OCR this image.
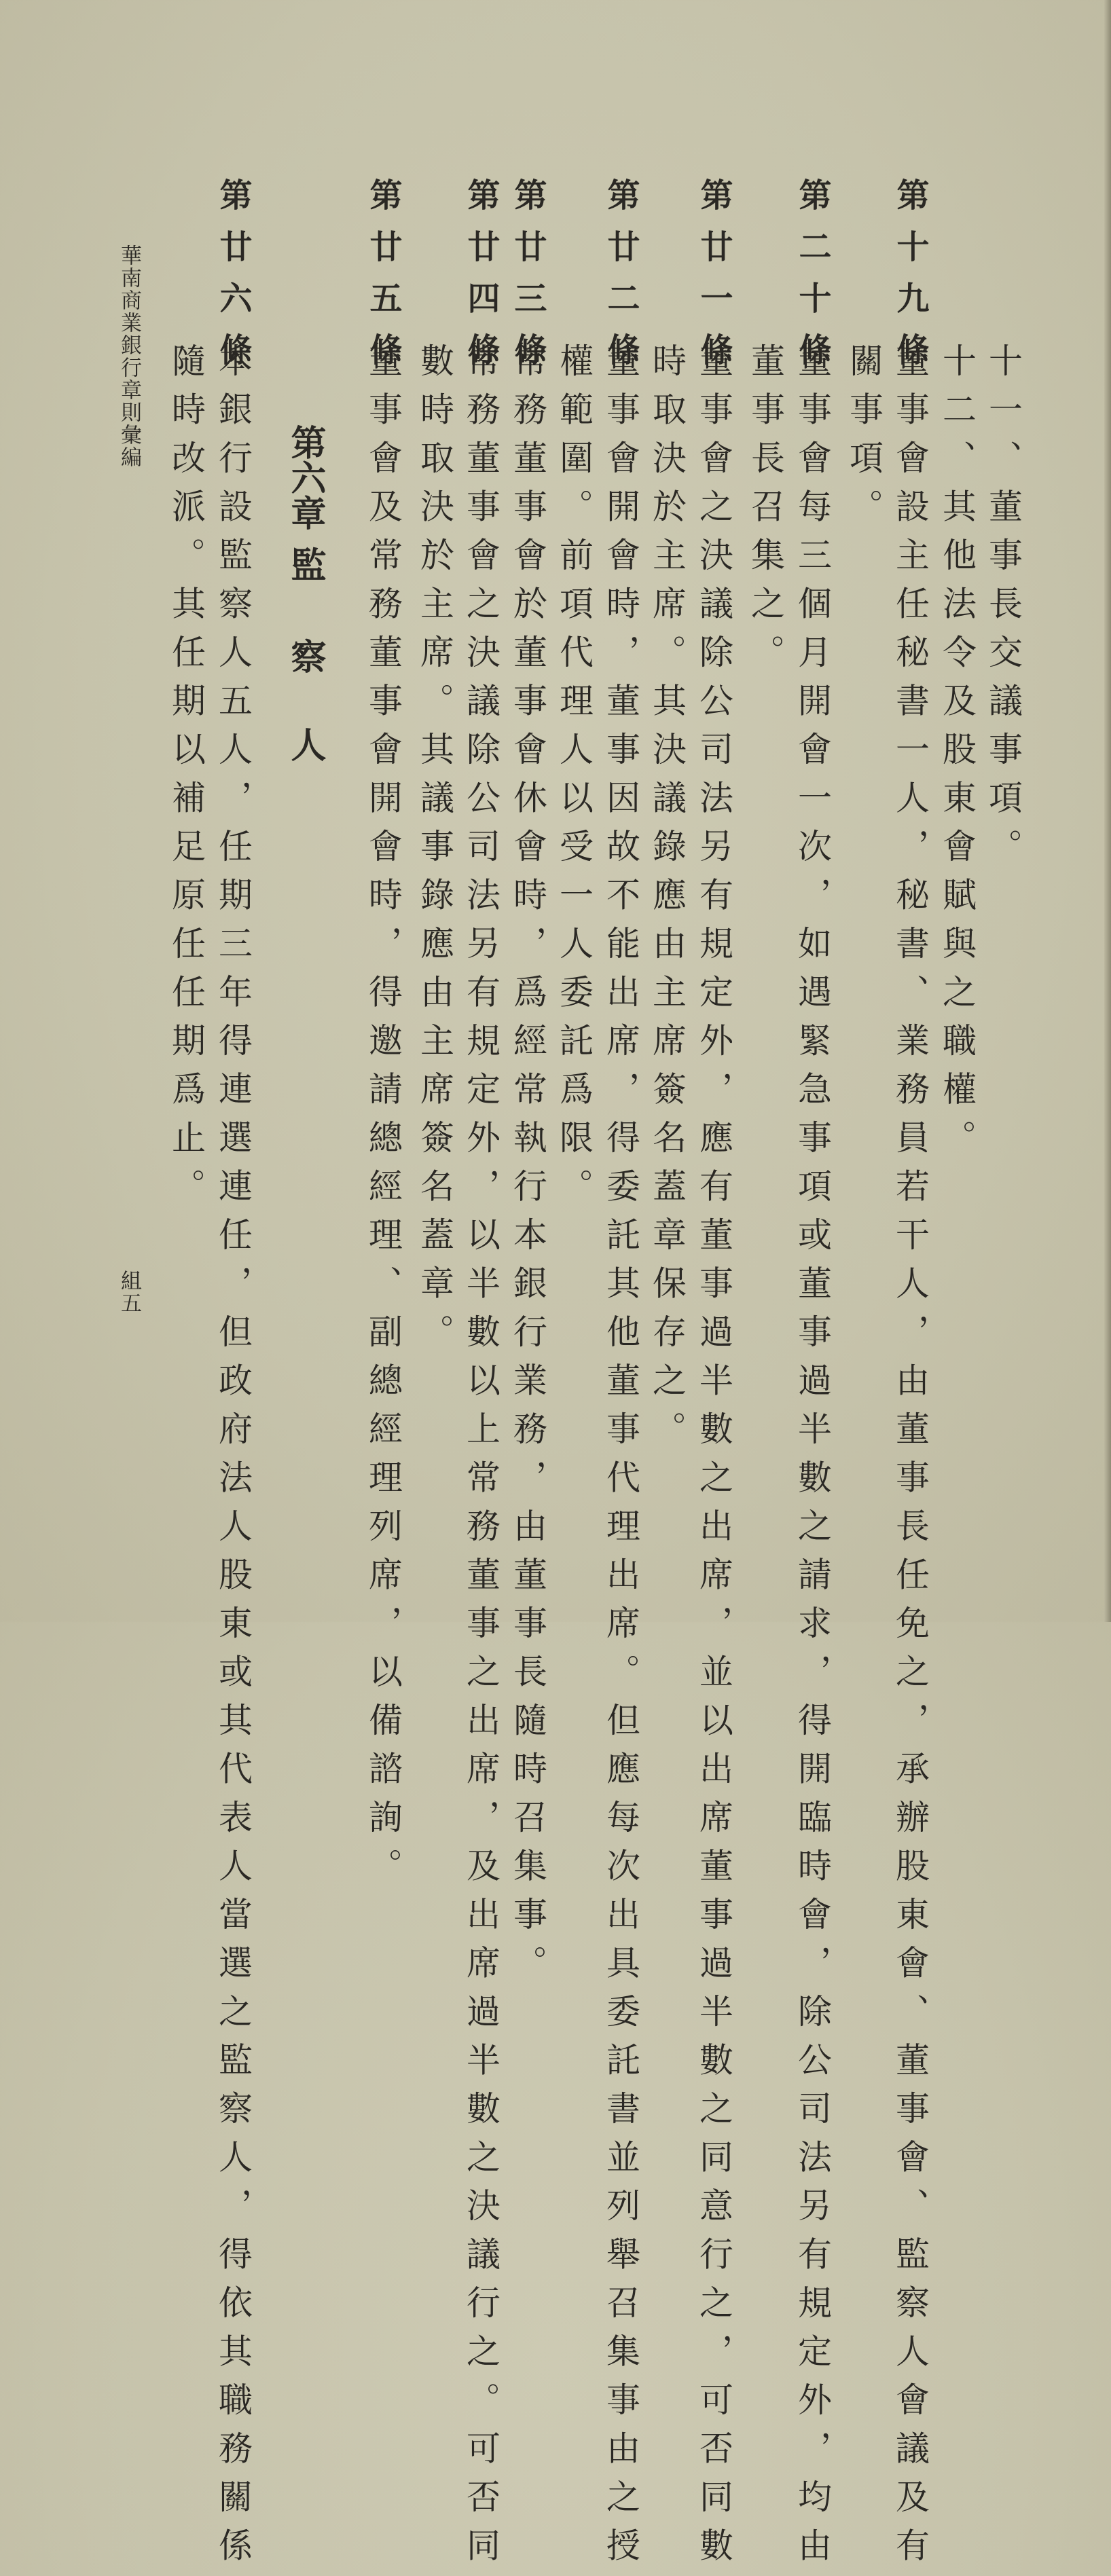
十一、董事長交議事項。
十二、其他法令及股東會賦與之職權。
第十九條
董事會設主任秘書一人，秘書、業務員若干人，由董事長任免之，承辦股東會、董事會、監察人會議及有
關事項。
第二十條
董事會每三個月開會一次，如遇緊急事項或董事過半數之請求，得開臨時會，除公司法另有規定外，均由
董事長召集之。
第廿一條
董事會之決議除公司法另有規定外，應有董事過半數之出席，並以出席董事過半數之同意行之，可否同數
時取決於主席。其決議錄應由主席簽名蓋章保存之。
第廿二條
董事會開會時，董事因故不能出席，得委託其他董事代理出席。但應每次出具委託書並列舉召集事由之授
權範圍。前項代理人以受一人委託爲限。
第廿三條
常務董事會於董事會休會時，爲經常執行本銀行業務，由董事長隨時召集事。
第廿四條
常務董事會之決議除公司法另有規定外，以半數以上常務董事之出席，及出席過半數之決議行之。可否同
數時取決於主席。其議事錄應由主席簽名蓋章。
第廿五條
董事會及常務董事會開會時，得邀請總經理、副總經理列席，以備諮詢。
第六章
監
察
人
第廿六條
本銀行設監察人五人，任期三年得連選連任，但政府法人股東或其代表人當選之監察人，得依其職務關係
隨時改派。其任期以補足原任任期爲止。
華南商業銀行章則彙編
組五
